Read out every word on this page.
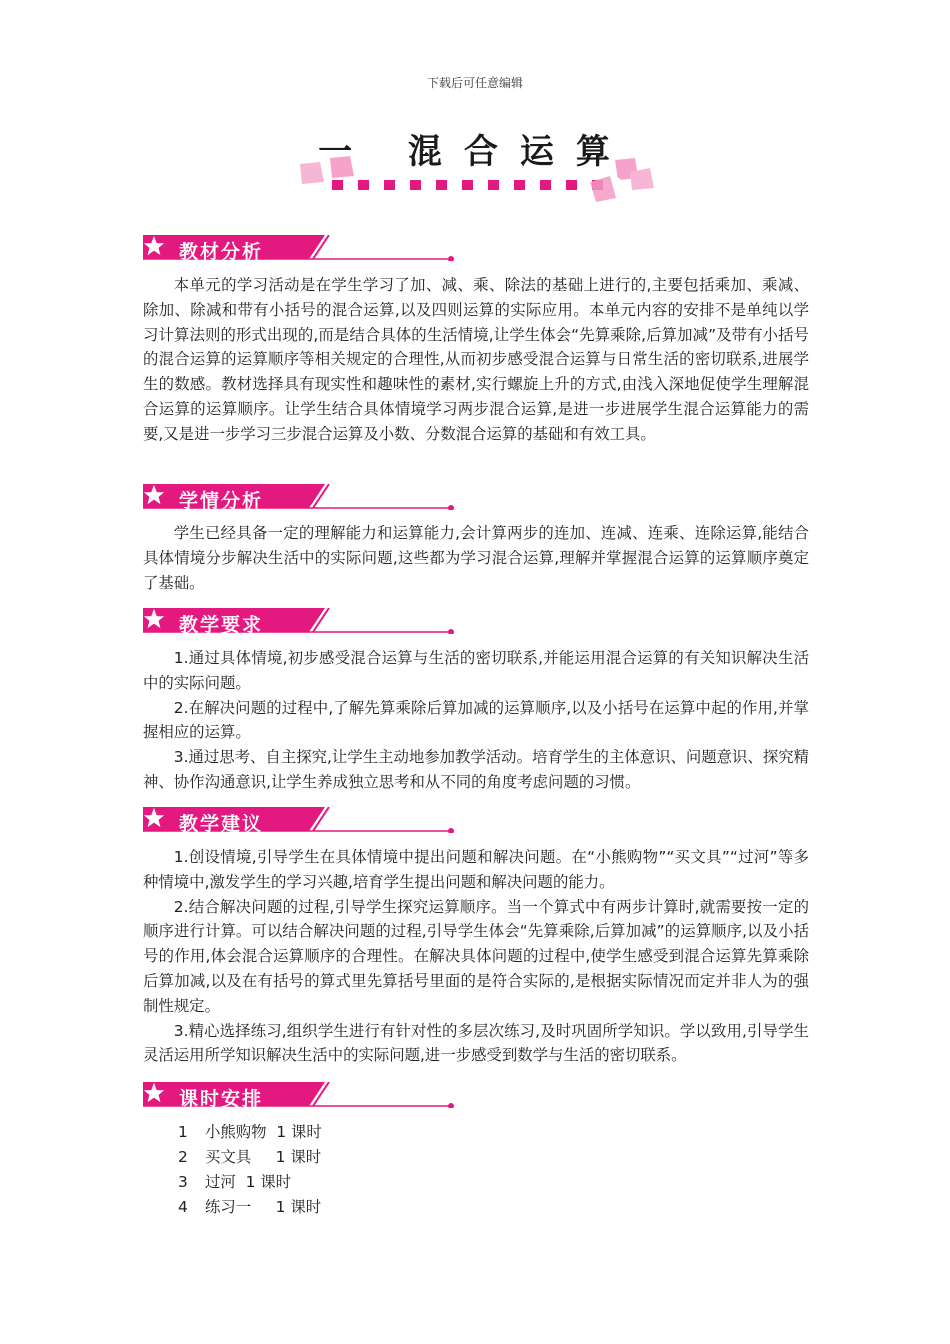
下载后可任意编辑
一 混合运算
教材分析

本单元的学习活动是在学生学习了加、减、乘、除法的基础上进行的,主要包括乘加、乘减、除加、除减和带有小括号的混合运算,以及四则运算的实际应用。本单元内容的安排不是单纯以学习计算法则的形式出现的,而是结合具体的生活情境,让学生体会“先算乘除,后算加减”及带有小括号的混合运算的运算顺序等相关规定的合理性,从而初步感受混合运算与日常生活的密切联系,进展学生的数感。教材选择具有现实性和趣味性的素材,实行螺旋上升的方式,由浅入深地促使学生理解混合运算的运算顺序。让学生结合具体情境学习两步混合运算,是进一步进展学生混合运算能力的需要,又是进一步学习三步混合运算及小数、分数混合运算的基础和有效工具。

学情分析

学生已经具备一定的理解能力和运算能力,会计算两步的连加、连减、连乘、连除运算,能结合具体情境分步解决生活中的实际问题,这些都为学习混合运算,理解并掌握混合运算的运算顺序奠定了基础。

教学要求

1.通过具体情境,初步感受混合运算与生活的密切联系,并能运用混合运算的有关知识解决生活中的实际问题。

2.在解决问题的过程中,了解先算乘除后算加减的运算顺序,以及小括号在运算中起的作用,并掌握相应的运算。

3.通过思考、自主探究,让学生主动地参加教学活动。培育学生的主体意识、问题意识、探究精神、协作沟通意识,让学生养成独立思考和从不同的角度考虑问题的习惯。

教学建议

1.创设情境,引导学生在具体情境中提出问题和解决问题。在“小熊购物”“买文具”“过河”等多种情境中,激发学生的学习兴趣,培育学生提出问题和解决问题的能力。

2.结合解决问题的过程,引导学生探究运算顺序。当一个算式中有两步计算时,就需要按一定的顺序进行计算。可以结合解决问题的过程,引导学生体会“先算乘除,后算加减”的运算顺序,以及小括号的作用,体会混合运算顺序的合理性。在解决具体问题的过程中,使学生感受到混合运算先算乘除后算加减,以及在有括号的算式里先算括号里面的是符合实际的,是根据实际情况而定并非人为的强制性规定。

3.精心选择练习,组织学生进行有针对性的多层次练习,及时巩固所学知识。学以致用,引导学生灵活运用所学知识解决生活中的实际问题,进一步感受到数学与生活的密切联系。

课时安排
1	小熊购物  1 课时
2	买文具     1 课时
3	过河  1 课时
4	练习一     1 课时
